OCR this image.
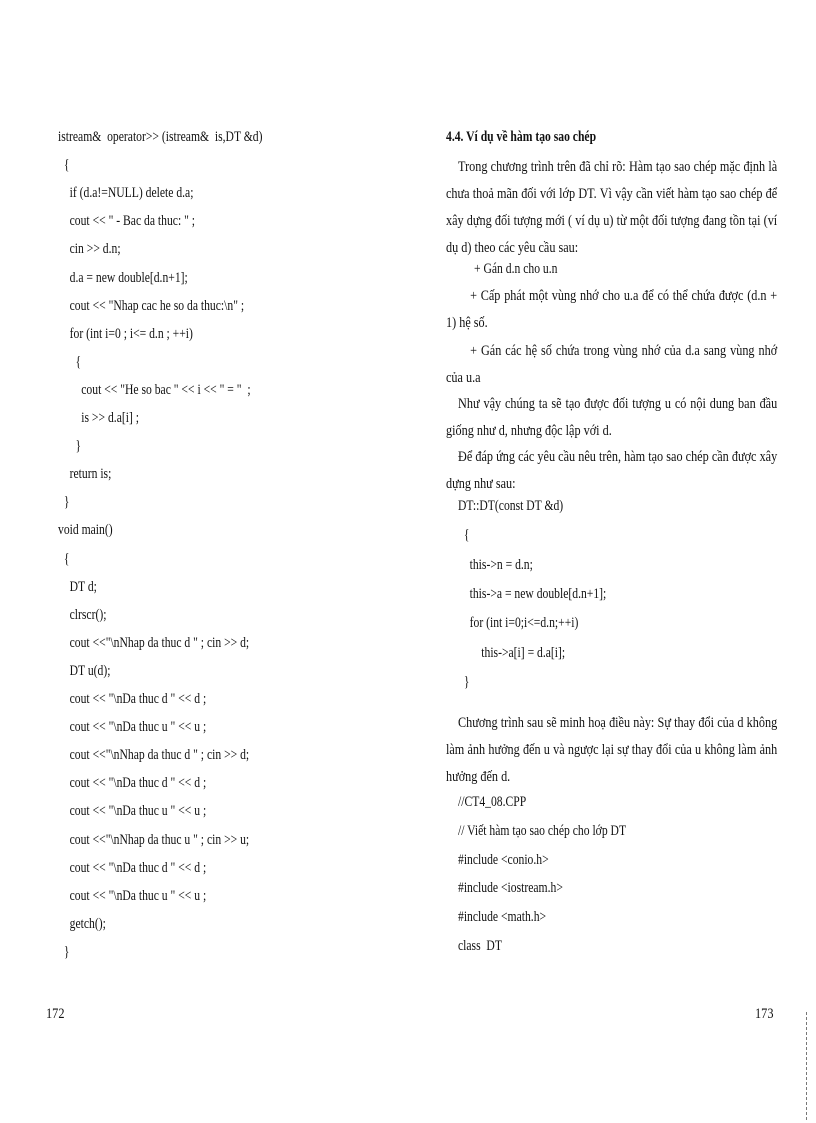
istream&  operator>> (istream&  is,DT &d)
{
if (d.a!=NULL) delete d.a;
cout << " - Bac da thuc: " ;
cin >> d.n;
d.a = new double[d.n+1];
cout << "Nhap cac he so da thuc:\n" ;
for (int i=0 ; i<= d.n ; ++i)
{
cout << "He so bac " << i << " = "  ;
is >> d.a[i] ;
}
return is;
}
void main()
{
DT d;
clrscr();
cout <<"\nNhap da thuc d " ; cin >> d;
DT u(d);
cout << "\nDa thuc d " << d ;
cout << "\nDa thuc u " << u ;
cout <<"\nNhap da thuc d " ; cin >> d;
cout << "\nDa thuc d " << d ;
cout << "\nDa thuc u " << u ;
cout <<"\nNhap da thuc u " ; cin >> u;
cout << "\nDa thuc d " << d ;
cout << "\nDa thuc u " << u ;
getch();
}
172
4.4. Ví dụ về hàm tạo sao chép
Trong chương trình trên đã chỉ rõ: Hàm tạo sao chép mặc định là chưa thoả mãn đối với lớp DT. Vì vậy cần viết hàm tạo sao chép để xây dựng đối tượng mới ( ví dụ u) từ một đối tượng đang tồn tại (ví dụ d) theo các yêu cầu sau:
+ Gán d.n cho u.n
+ Cấp phát một vùng nhớ cho u.a để có thể chứa được (d.n + 1) hệ số.
+ Gán các hệ số chứa trong vùng nhớ của d.a sang vùng nhớ của u.a
Như vậy chúng ta sẽ tạo được đối tượng u có nội dung ban đầu giống như d, nhưng độc lập với d.
Để đáp ứng các yêu cầu nêu trên, hàm tạo sao chép cần được xây dựng như sau:
DT::DT(const DT &d)
{
this->n = d.n;
this->a = new double[d.n+1];
for (int i=0;i<=d.n;++i)
this->a[i] = d.a[i];
}
Chương trình sau sẽ minh hoạ điều này: Sự thay đổi của d không làm ảnh hưởng đến u và ngược lại sự thay đổi của u không làm ảnh hưởng đến d.
//CT4_08.CPP
// Viết hàm tạo sao chép cho lớp DT
#include <conio.h>
#include <iostream.h>
#include <math.h>
class  DT
173
